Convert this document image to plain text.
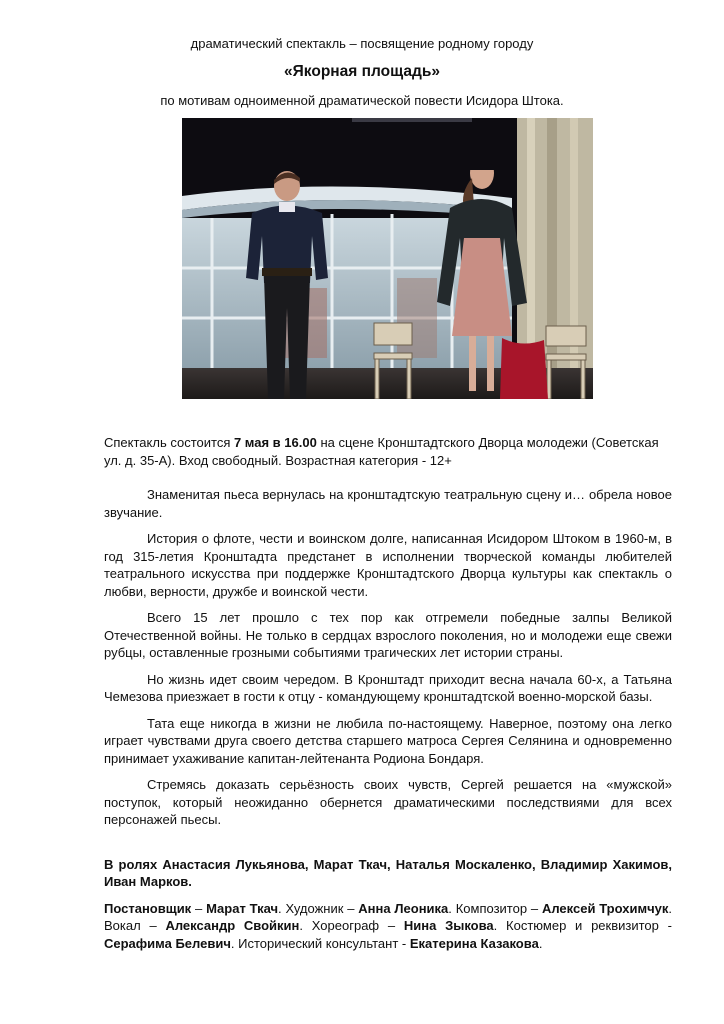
драматический спектакль – посвящение родному городу
«Якорная площадь»
по мотивам одноименной драматической повести Исидора Штока.

Спектакль состоится 7 мая в 16.00 на сцене Кронштадтского Дворца молодежи (Советская ул. д. 35-А). Вход свободный. Возрастная категория - 12+

Знаменитая пьеса вернулась на кронштадтскую театральную сцену и… обрела новое звучание.

История о флоте, чести и воинском долге, написанная Исидором Штоком в 1960-м, в год 315-летия Кронштадта предстанет в исполнении творческой команды любителей театрального искусства при поддержке Кронштадтского Дворца культуры как спектакль о любви, верности, дружбе и воинской чести.

Всего 15 лет прошло с тех пор как отгремели победные залпы Великой Отечественной войны. Не только в сердцах взрослого поколения, но и молодежи еще свежи рубцы, оставленные грозными событиями трагических лет истории страны.

Но жизнь идет своим чередом. В Кронштадт приходит весна начала 60-х, а Татьяна Чемезова приезжает в гости к отцу - командующему кронштадтской военно-морской базы.

Тата еще никогда в жизни не любила по-настоящему. Наверное, поэтому она легко играет чувствами друга своего детства старшего матроса Сергея Селянина и одновременно принимает ухаживание капитан-лейтенанта Родиона Бондаря.

Стремясь доказать серьёзность своих чувств, Сергей решается на «мужской» поступок, который неожиданно обернется драматическими последствиями для всех персонажей пьесы.

В ролях Анастасия Лукьянова, Марат Ткач, Наталья Москаленко, Владимир Хакимов, Иван Марков.

Постановщик – Марат Ткач. Художник – Анна Леоника. Композитор – Алексей Трохимчук. Вокал – Александр Свойкин. Хореограф – Нина Зыкова. Костюмер и реквизитор - Серафима Белевич. Исторический консультант - Екатерина Казакова.
